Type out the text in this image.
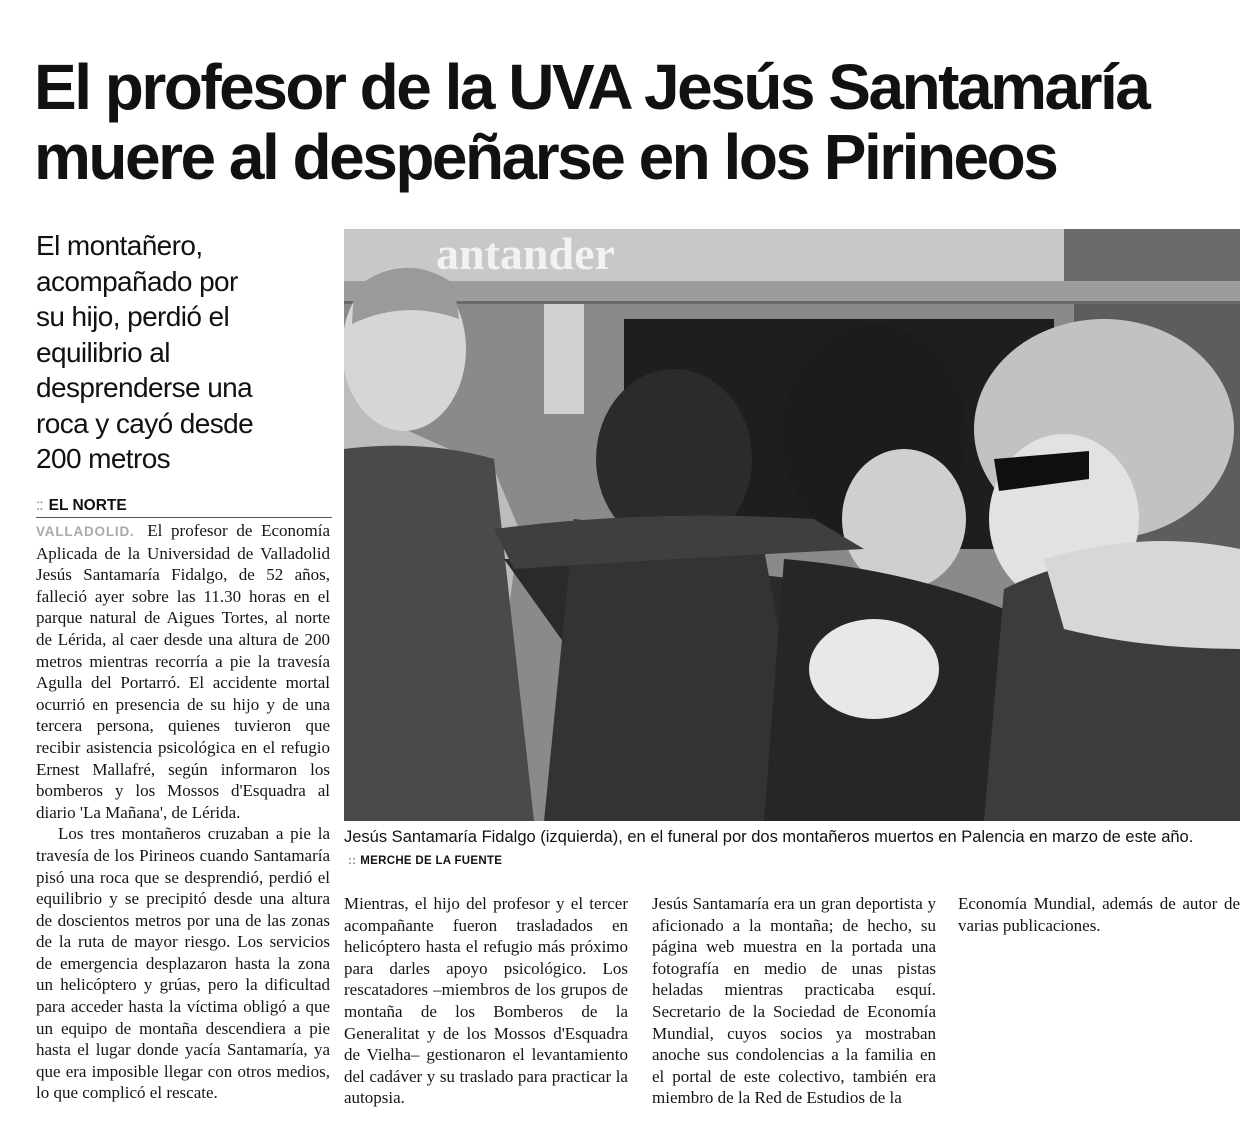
El profesor de la UVA Jesús Santamaría
muere al despeñarse en los Pirineos
El montañero,
acompañado por
su hijo, perdió el
equilibrio al
desprenderse una
roca y cayó desde
200 metros
:: EL NORTE

VALLADOLID. El profesor de Economía Aplicada de la Universidad de Valladolid Jesús Santamaría Fidalgo, de 52 años, falleció ayer sobre las 11.30 horas en el parque natural de Aigues Tortes, al norte de Lérida, al caer desde una altura de 200 metros mientras recorría a pie la travesía Agulla del Portarró. El accidente mortal ocurrió en presencia de su hijo y de una tercera persona, quienes tuvieron que recibir asistencia psicológica en el refugio Ernest Mallafré, según informaron los bomberos y los Mossos d'Esquadra al diario 'La Mañana', de Lérida.

Los tres montañeros cruzaban a pie la travesía de los Pirineos cuando Santamaría pisó una roca que se desprendió, perdió el equilibrio y se precipitó desde una altura de doscientos metros por una de las zonas de la ruta de mayor riesgo. Los servicios de emergencia desplazaron hasta la zona un helicóptero y grúas, pero la dificultad para acceder hasta la víctima obligó a que un equipo de montaña descendiera a pie hasta el lugar donde yacía Santamaría, ya que era imposible llegar con otros medios, lo que complicó el rescate.

Mientras, el hijo del profesor y el tercer acompañante fueron trasladados en helicóptero hasta el refugio más próximo para darles apoyo psicológico. Los rescatadores –miembros de los grupos de montaña de los Bomberos de la Generalitat y de los Mossos d'Esquadra de Vielha– gestionaron el levantamiento del cadáver y su traslado para practicar la autopsia.

Jesús Santamaría era un gran deportista y aficionado a la montaña; de hecho, su página web muestra en la portada una fotografía en medio de unas pistas heladas mientras practicaba esquí. Secretario de la Sociedad de Economía Mundial, cuyos socios ya mostraban anoche sus condolencias a la familia en el portal de este colectivo, también era miembro de la Red de Estudios de la

Economía Mundial, además de autor de varias publicaciones.

antander
Jesús Santamaría Fidalgo (izquierda), en el funeral por dos montañeros muertos en Palencia en marzo de este año. :: MERCHE DE LA FUENTE
